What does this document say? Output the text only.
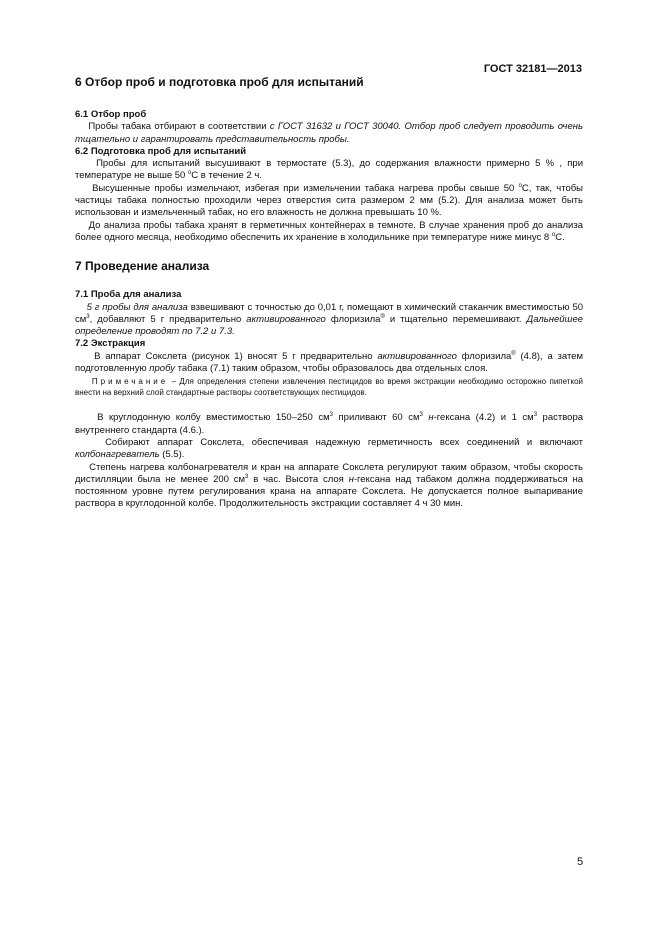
ГОСТ 32181—2013
6 Отбор проб и подготовка проб для испытаний
6.1 Отбор проб

Пробы табака отбирают в соответствии с ГОСТ 31632 и ГОСТ 30040. Отбор проб следует проводить очень тщательно и гарантировать представительность пробы.

6.2 Подготовка проб для испытаний

Пробы для испытаний высушивают в термостате (5.3), до содержания влажности примерно 5 % , при температуре не выше 50 $^o$С в течение 2 ч.

Высушенные пробы измельчают, избегая при измельчении табака нагрева пробы свыше 50 $^o$С, так, чтобы частицы табака полностью проходили через отверстия сита размером 2 мм (5.2). Для анализа может быть использован и измельченный табак, но его влажность не должна превышать 10 %.

До анализа пробы табака хранят в герметичных контейнерах в темноте. В случае хранения проб до анализа более одного месяца, необходимо обеспечить их хранение в холодильнике при температуре ниже минус 8 $^o$С.

7 Проведение анализа
7.1 Проба для анализа

5 г пробы для анализа взвешивают с точностью до 0,01 г, помещают в химический стаканчик вместимостью 50 $см^3$, добавляют 5 г предварительно активированного флоризила® и тщательно перемешивают. Дальнейшее определение проводят по 7.2 и 7.3.

7.2 Экстракция

В аппарат Сокслета (рисунок 1) вносят 5 г предварительно активированного флоризила® (4.8), а затем подготовленную пробу табака (7.1) таким образом, чтобы образовалось два отдельных слоя.

Примечание – Для определения степени извлечения пестицидов во время экстракции необходимо осторожно пипеткой внести на верхний слой стандартные растворы соответствующих пестицидов.

В круглодонную колбу вместимостью 150–250 $см^3$ приливают 60 $см^3$ н-гексана (4.2) и 1 $см^3$ раствора внутреннего стандарта (4.6.).

Собирают аппарат Сокслета, обеспечивая надежную герметичность всех соединений и включают колбонагреватель (5.5).

Степень нагрева колбонагревателя и кран на аппарате Сокслета регулируют таким образом, чтобы скорость дистилляции была не менее 200 $см^3$ в час. Высота слоя н-гексана над табаком должна поддерживаться на постоянном уровне путем регулирования крана на аппарате Сокслета. Не допускается полное выпаривание раствора в круглодонной колбе. Продолжительность экстракции составляет 4 ч 30 мин.

5
